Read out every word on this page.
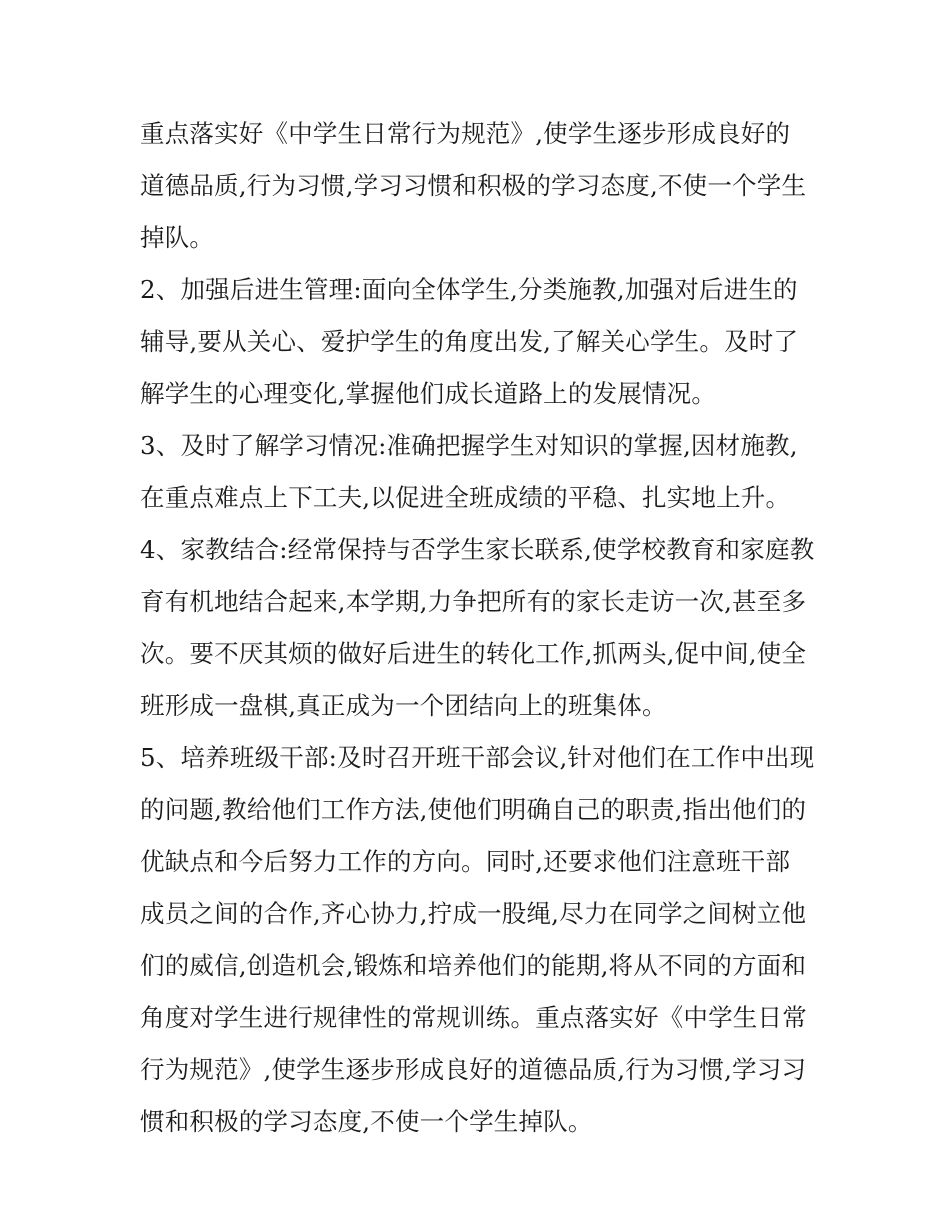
重点落实好《中学生日常行为规范》,使学生逐步形成良好的
道德品质,行为习惯,学习习惯和积极的学习态度,不使一个学生
掉队。
2、加强后进生管理:面向全体学生,分类施教,加强对后进生的
辅导,要从关心、爱护学生的角度出发,了解关心学生。及时了
解学生的心理变化,掌握他们成长道路上的发展情况。
3、及时了解学习情况:准确把握学生对知识的掌握,因材施教,
在重点难点上下工夫,以促进全班成绩的平稳、扎实地上升。
4、家教结合:经常保持与否学生家长联系,使学校教育和家庭教
育有机地结合起来,本学期,力争把所有的家长走访一次,甚至多
次。要不厌其烦的做好后进生的转化工作,抓两头,促中间,使全
班形成一盘棋,真正成为一个团结向上的班集体。
5、培养班级干部:及时召开班干部会议,针对他们在工作中出现
的问题,教给他们工作方法,使他们明确自己的职责,指出他们的
优缺点和今后努力工作的方向。同时,还要求他们注意班干部
成员之间的合作,齐心协力,拧成一股绳,尽力在同学之间树立他
们的威信,创造机会,锻炼和培养他们的能期,将从不同的方面和
角度对学生进行规律性的常规训练。重点落实好《中学生日常
行为规范》,使学生逐步形成良好的道德品质,行为习惯,学习习
惯和积极的学习态度,不使一个学生掉队。
